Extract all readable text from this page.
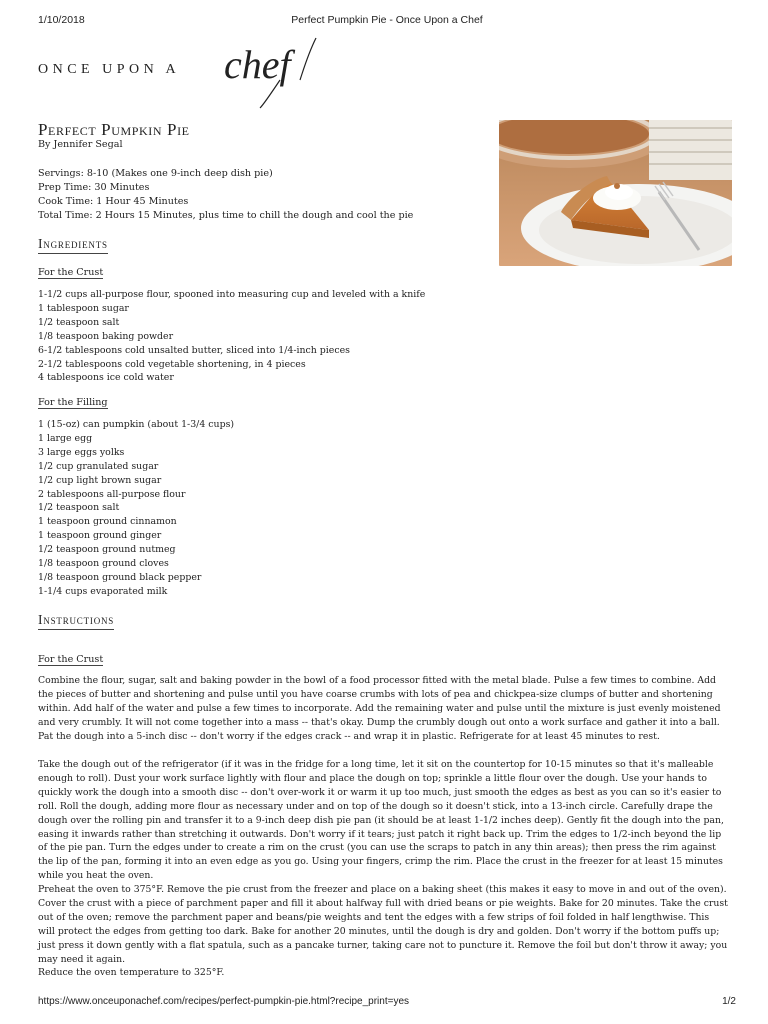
1/10/2018	Perfect Pumpkin Pie - Once Upon a Chef
ONCE UPON A chef
Perfect Pumpkin Pie
By Jennifer Segal
Servings: 8-10 (Makes one 9-inch deep dish pie)
Prep Time: 30 Minutes
Cook Time: 1 Hour 45 Minutes
Total Time: 2 Hours 15 Minutes, plus time to chill the dough and cool the pie
Ingredients
For the Crust
1-1/2 cups all-purpose flour, spooned into measuring cup and leveled with a knife
1 tablespoon sugar
1/2 teaspoon salt
1/8 teaspoon baking powder
6-1/2 tablespoons cold unsalted butter, sliced into 1/4-inch pieces
2-1/2 tablespoons cold vegetable shortening, in 4 pieces
4 tablespoons ice cold water
For the Filling
1 (15-oz) can pumpkin (about 1-3/4 cups)
1 large egg
3 large eggs yolks
1/2 cup granulated sugar
1/2 cup light brown sugar
2 tablespoons all-purpose flour
1/2 teaspoon salt
1 teaspoon ground cinnamon
1 teaspoon ground ginger
1/2 teaspoon ground nutmeg
1/8 teaspoon ground cloves
1/8 teaspoon ground black pepper
1-1/4 cups evaporated milk
Instructions
For the Crust

Combine the flour, sugar, salt and baking powder in the bowl of a food processor fitted with the metal blade. Pulse a few times to combine. Add the pieces of butter and shortening and pulse until you have coarse crumbs with lots of pea and chickpea-size clumps of butter and shortening within. Add half of the water and pulse a few times to incorporate. Add the remaining water and pulse until the mixture is just evenly moistened and very crumbly. It will not come together into a mass -- that's okay. Dump the crumbly dough out onto a work surface and gather it into a ball. Pat the dough into a 5-inch disc -- don't worry if the edges crack -- and wrap it in plastic. Refrigerate for at least 45 minutes to rest.

Take the dough out of the refrigerator (if it was in the fridge for a long time, let it sit on the countertop for 10-15 minutes so that it's malleable enough to roll). Dust your work surface lightly with flour and place the dough on top; sprinkle a little flour over the dough. Use your hands to quickly work the dough into a smooth disc -- don't over-work it or warm it up too much, just smooth the edges as best as you can so it's easier to roll. Roll the dough, adding more flour as necessary under and on top of the dough so it doesn't stick, into a 13-inch circle. Carefully drape the dough over the rolling pin and transfer it to a 9-inch deep dish pie pan (it should be at least 1-1/2 inches deep). Gently fit the dough into the pan, easing it inwards rather than stretching it outwards. Don't worry if it tears; just patch it right back up. Trim the edges to 1/2-inch beyond the lip of the pie pan. Turn the edges under to create a rim on the crust (you can use the scraps to patch in any thin areas); then press the rim against the lip of the pan, forming it into an even edge as you go. Using your fingers, crimp the rim. Place the crust in the freezer for at least 15 minutes while you heat the oven.

Preheat the oven to 375°F. Remove the pie crust from the freezer and place on a baking sheet (this makes it easy to move in and out of the oven). Cover the crust with a piece of parchment paper and fill it about halfway full with dried beans or pie weights. Bake for 20 minutes. Take the crust out of the oven; remove the parchment paper and beans/pie weights and tent the edges with a few strips of foil folded in half lengthwise. This will protect the edges from getting too dark. Bake for another 20 minutes, until the dough is dry and golden. Don't worry if the bottom puffs up; just press it down gently with a flat spatula, such as a pancake turner, taking care not to puncture it. Remove the foil but don't throw it away; you may need it again.

Reduce the oven temperature to 325°F.

https://www.onceuponachef.com/recipes/perfect-pumpkin-pie.html?recipe_print=yes	1/2
